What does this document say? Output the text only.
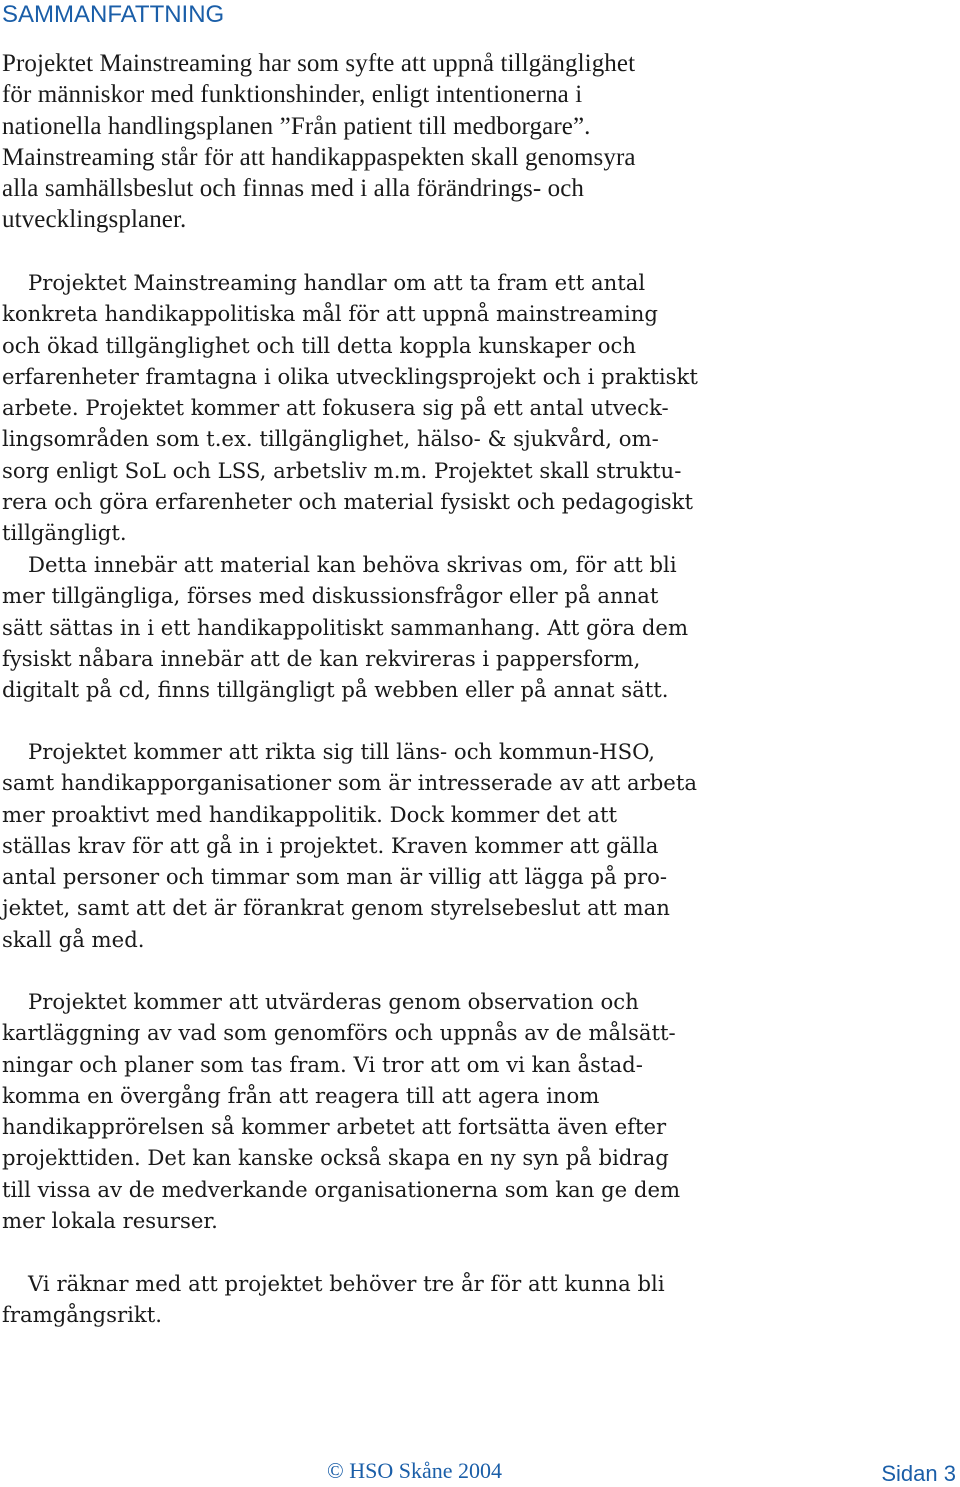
SAMMANFATTNING
Projektet Mainstreaming har som syfte att uppnå tillgänglighet
för människor med funktionshinder, enligt intentionerna i
nationella handlingsplanen ”Från patient till medborgare”.
Mainstreaming står för att handikappaspekten skall genomsyra
alla samhällsbeslut och finnas med i alla förändrings- och
utvecklingsplaner.
Projektet Mainstreaming handlar om att ta fram ett antal
konkreta handikappolitiska mål för att uppnå mainstreaming
och ökad tillgänglighet och till detta koppla kunskaper och
erfarenheter framtagna i olika utvecklingsprojekt och i praktiskt
arbete. Projektet kommer att fokusera sig på ett antal utveck-
lingsområden som t.ex. tillgänglighet, hälso- & sjukvård, om-
sorg enligt SoL och LSS, arbetsliv m.m. Projektet skall struktu-
rera och göra erfarenheter och material fysiskt och pedagogiskt
tillgängligt.
Detta innebär att material kan behöva skrivas om, för att bli
mer tillgängliga, förses med diskussionsfrågor eller på annat
sätt sättas in i ett handikappolitiskt sammanhang. Att göra dem
fysiskt nåbara innebär att de kan rekvireras i pappersform,
digitalt på cd, finns tillgängligt på webben eller på annat sätt.
Projektet kommer att rikta sig till läns- och kommun-HSO,
samt handikapporganisationer som är intresserade av att arbeta
mer proaktivt med handikappolitik. Dock kommer det att
ställas krav för att gå in i projektet. Kraven kommer att gälla
antal personer och timmar som man är villig att lägga på pro-
jektet, samt att det är förankrat genom styrelsebeslut att man
skall gå med.
Projektet kommer att utvärderas genom observation och
kartläggning av vad som genomförs och uppnås av de målsätt-
ningar och planer som tas fram. Vi tror att om vi kan åstad-
komma en övergång från att reagera till att agera inom
handikapprörelsen så kommer arbetet att fortsätta även efter
projekttiden. Det kan kanske också skapa en ny syn på bidrag
till vissa av de medverkande organisationerna som kan ge dem
mer lokala resurser.
Vi räknar med att projektet behöver tre år för att kunna bli
framgångsrikt.
© HSO Skåne 2004	Sidan 3
